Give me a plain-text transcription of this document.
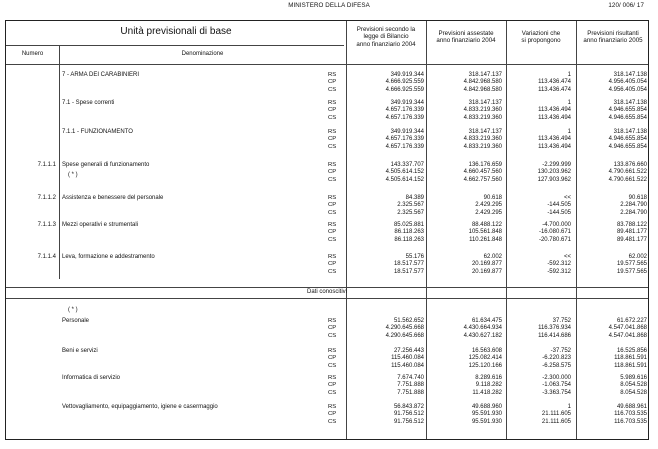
MINISTERO DELLA DIFESA	120/ 006/ 17
Unità previsionali di base
Numero	Denominazione
Previsioni secondo la
legge di Bilancio
anno finanziario 2004
Previsioni assestate
anno finanziario 2004
Variazioni che
si propongono
Previsioni risultanti
anno finanziario 2005
Dati conoscitivi
( * )
7 - ARMA DEI CARABINIERI	RS	349.919.344	318.147.137	1	318.147.138
CP	4.666.925.559	4.842.968.580	113.436.474	4.956.405.054
CS	4.666.925.559	4.842.968.580	113.436.474	4.956.405.054
7.1 - Spese correnti	RS	349.919.344	318.147.137	1	318.147.138
CP	4.657.176.339	4.833.219.360	113.436.494	4.946.655.854
CS	4.657.176.339	4.833.219.360	113.436.494	4.946.655.854
7.1.1 - FUNZIONAMENTO	RS	349.919.344	318.147.137	1	318.147.138
CP	4.657.176.339	4.833.219.360	113.436.494	4.946.655.854
CS	4.657.176.339	4.833.219.360	113.436.494	4.946.655.854
7.1.1.1 Spese generali di funzionamento
( * )
RS	143.337.707	136.176.659	-2.299.999	133.876.660
CP	4.505.614.152	4.660.457.560	130.203.962	4.790.661.522
CS	4.505.614.152	4.662.757.560	127.903.962	4.790.661.522
7.1.1.2 Assistenza e benessere del personale	RS	84.389	90.618	<<	90.618
CP	2.325.567	2.429.295	-144.505	2.284.790
CS	2.325.567	2.429.295	-144.505	2.284.790
7.1.1.3 Mezzi operativi e strumentali	RS	85.025.881	88.488.122	-4.700.000	83.788.122
CP	86.118.263	105.561.848	-16.080.671	89.481.177
CS	86.118.263	110.261.848	-20.780.671	89.481.177
7.1.1.4 Leva, formazione e addestramento	RS	55.176	62.002	<<	62.002
CP	18.517.577	20.169.877	-592.312	19.577.565
CS	18.517.577	20.169.877	-592.312	19.577.565
Personale	RS	51.562.652	61.634.475	37.752	61.672.227
CP	4.290.645.668	4.430.664.934	116.376.934	4.547.041.868
CS	4.290.645.668	4.430.627.182	116.414.686	4.547.041.868
Beni e servizi	RS	27.256.443	16.563.608	-37.752	16.525.856
CP	115.460.084	125.082.414	-6.220.823	118.861.591
CS	115.460.084	125.120.166	-6.258.575	118.861.591
Informatica di servizio	RS	7.674.740	8.289.616	-2.300.000	5.989.616
CP	7.751.888	9.118.282	-1.063.754	8.054.528
CS	7.751.888	11.418.282	-3.363.754	8.054.528
Vettovagliamento, equipaggiamento, igiene e casermaggio	RS	56.843.872	49.688.960	1	49.688.961
CP	91.756.512	95.591.930	21.111.605	116.703.535
CS	91.756.512	95.591.930	21.111.605	116.703.535
